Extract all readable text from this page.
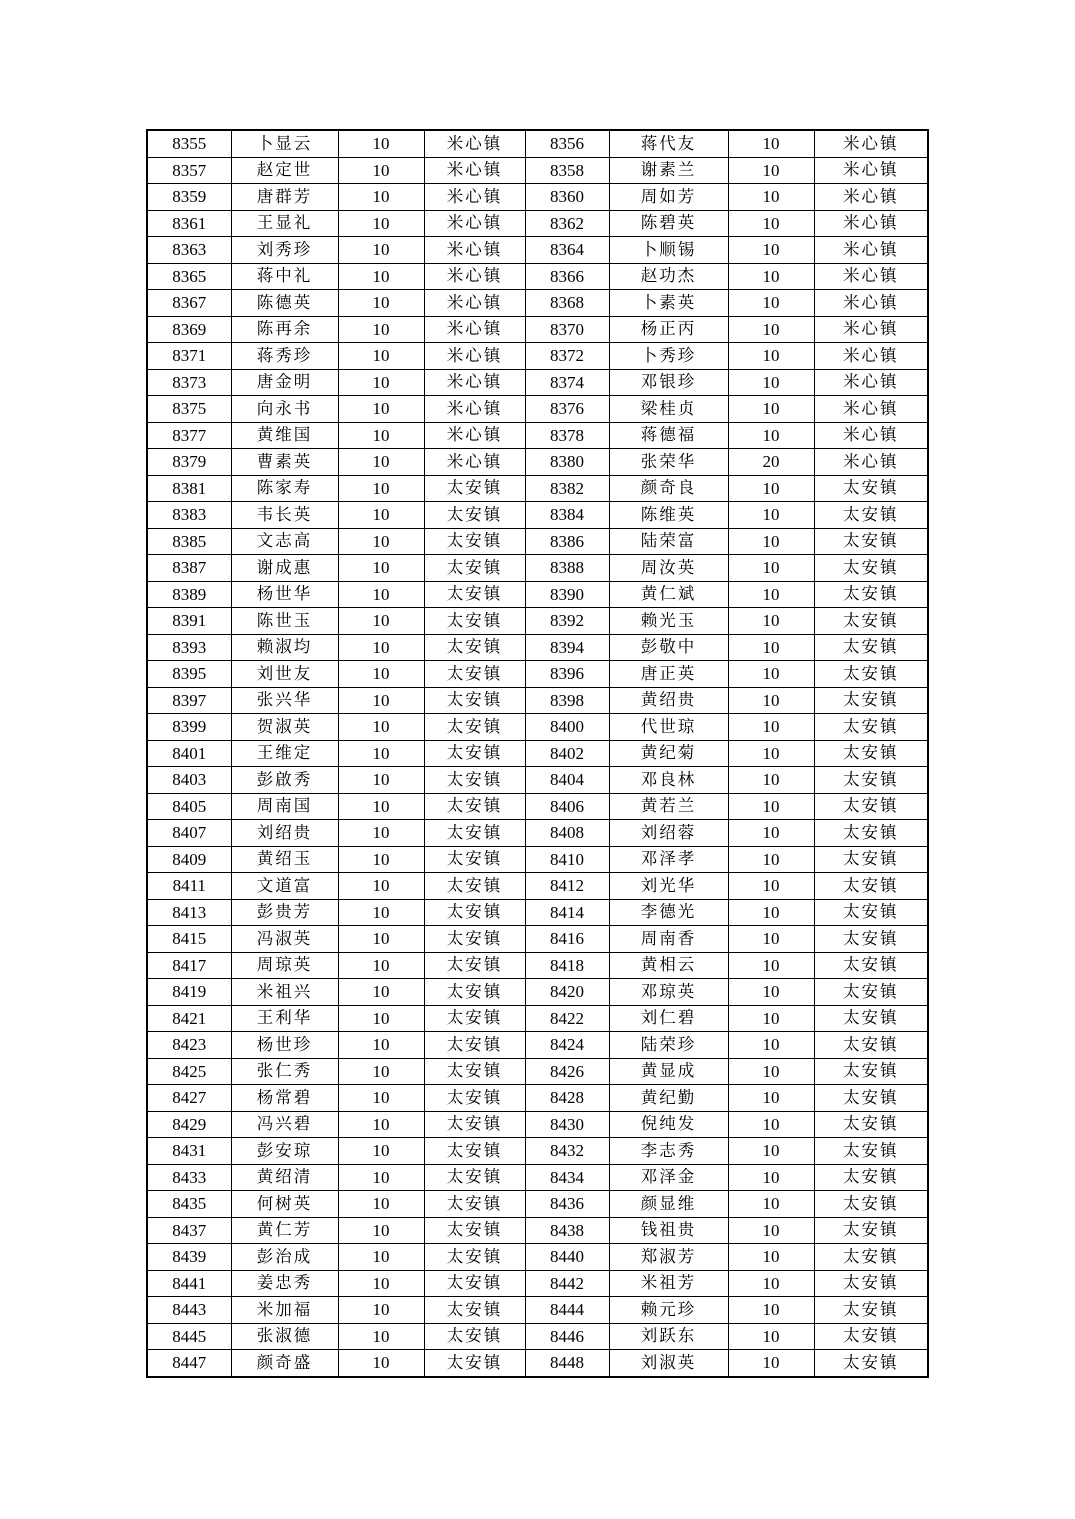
8355	卜显云	10	米心镇	8356	蒋代友	10	米心镇
8357	赵定世	10	米心镇	8358	谢素兰	10	米心镇
8359	唐群芳	10	米心镇	8360	周如芳	10	米心镇
8361	王显礼	10	米心镇	8362	陈碧英	10	米心镇
8363	刘秀珍	10	米心镇	8364	卜顺锡	10	米心镇
8365	蒋中礼	10	米心镇	8366	赵功杰	10	米心镇
8367	陈德英	10	米心镇	8368	卜素英	10	米心镇
8369	陈再余	10	米心镇	8370	杨正丙	10	米心镇
8371	蒋秀珍	10	米心镇	8372	卜秀珍	10	米心镇
8373	唐金明	10	米心镇	8374	邓银珍	10	米心镇
8375	向永书	10	米心镇	8376	梁桂贞	10	米心镇
8377	黄维国	10	米心镇	8378	蒋德福	10	米心镇
8379	曹素英	10	米心镇	8380	张荣华	20	米心镇
8381	陈家寿	10	太安镇	8382	颜奇良	10	太安镇
8383	韦长英	10	太安镇	8384	陈维英	10	太安镇
8385	文志高	10	太安镇	8386	陆荣富	10	太安镇
8387	谢成惠	10	太安镇	8388	周汝英	10	太安镇
8389	杨世华	10	太安镇	8390	黄仁斌	10	太安镇
8391	陈世玉	10	太安镇	8392	赖光玉	10	太安镇
8393	赖淑均	10	太安镇	8394	彭敬中	10	太安镇
8395	刘世友	10	太安镇	8396	唐正英	10	太安镇
8397	张兴华	10	太安镇	8398	黄绍贵	10	太安镇
8399	贺淑英	10	太安镇	8400	代世琼	10	太安镇
8401	王维定	10	太安镇	8402	黄纪菊	10	太安镇
8403	彭啟秀	10	太安镇	8404	邓良林	10	太安镇
8405	周南国	10	太安镇	8406	黄若兰	10	太安镇
8407	刘绍贵	10	太安镇	8408	刘绍蓉	10	太安镇
8409	黄绍玉	10	太安镇	8410	邓泽孝	10	太安镇
8411	文道富	10	太安镇	8412	刘光华	10	太安镇
8413	彭贵芳	10	太安镇	8414	李德光	10	太安镇
8415	冯淑英	10	太安镇	8416	周南香	10	太安镇
8417	周琼英	10	太安镇	8418	黄相云	10	太安镇
8419	米祖兴	10	太安镇	8420	邓琼英	10	太安镇
8421	王利华	10	太安镇	8422	刘仁碧	10	太安镇
8423	杨世珍	10	太安镇	8424	陆荣珍	10	太安镇
8425	张仁秀	10	太安镇	8426	黄显成	10	太安镇
8427	杨常碧	10	太安镇	8428	黄纪勤	10	太安镇
8429	冯兴碧	10	太安镇	8430	倪纯发	10	太安镇
8431	彭安琼	10	太安镇	8432	李志秀	10	太安镇
8433	黄绍清	10	太安镇	8434	邓泽金	10	太安镇
8435	何树英	10	太安镇	8436	颜显维	10	太安镇
8437	黄仁芳	10	太安镇	8438	钱祖贵	10	太安镇
8439	彭治成	10	太安镇	8440	郑淑芳	10	太安镇
8441	姜忠秀	10	太安镇	8442	米祖芳	10	太安镇
8443	米加福	10	太安镇	8444	赖元珍	10	太安镇
8445	张淑德	10	太安镇	8446	刘跃东	10	太安镇
8447	颜奇盛	10	太安镇	8448	刘淑英	10	太安镇
